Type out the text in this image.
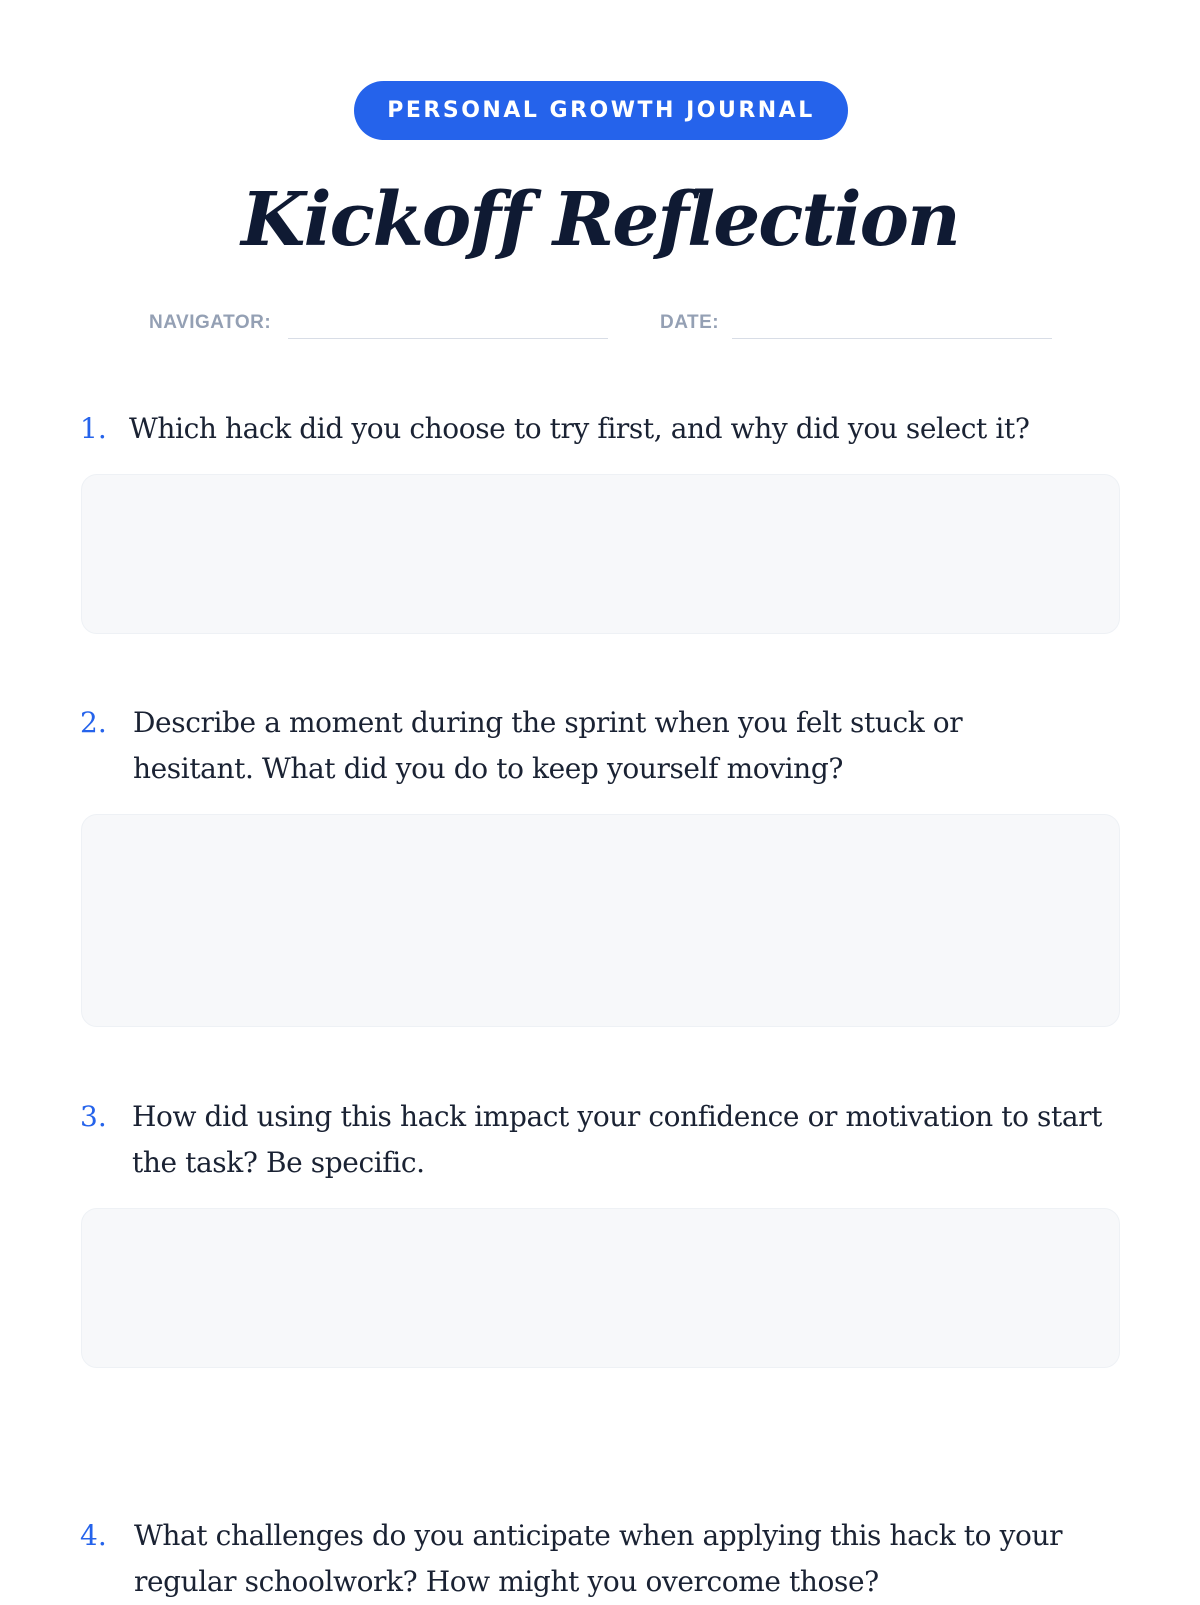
PERSONAL GROWTH JOURNAL
Kickoff Reflection
NAVIGATOR:	DATE:
1. Which hack did you choose to try first, and why did you select it?
2. Describe a moment during the sprint when you felt stuck or hesitant. What did you do to keep yourself moving?
3. How did using this hack impact your confidence or motivation to start the task? Be specific.
4. What challenges do you anticipate when applying this hack to your regular schoolwork? How might you overcome those?
